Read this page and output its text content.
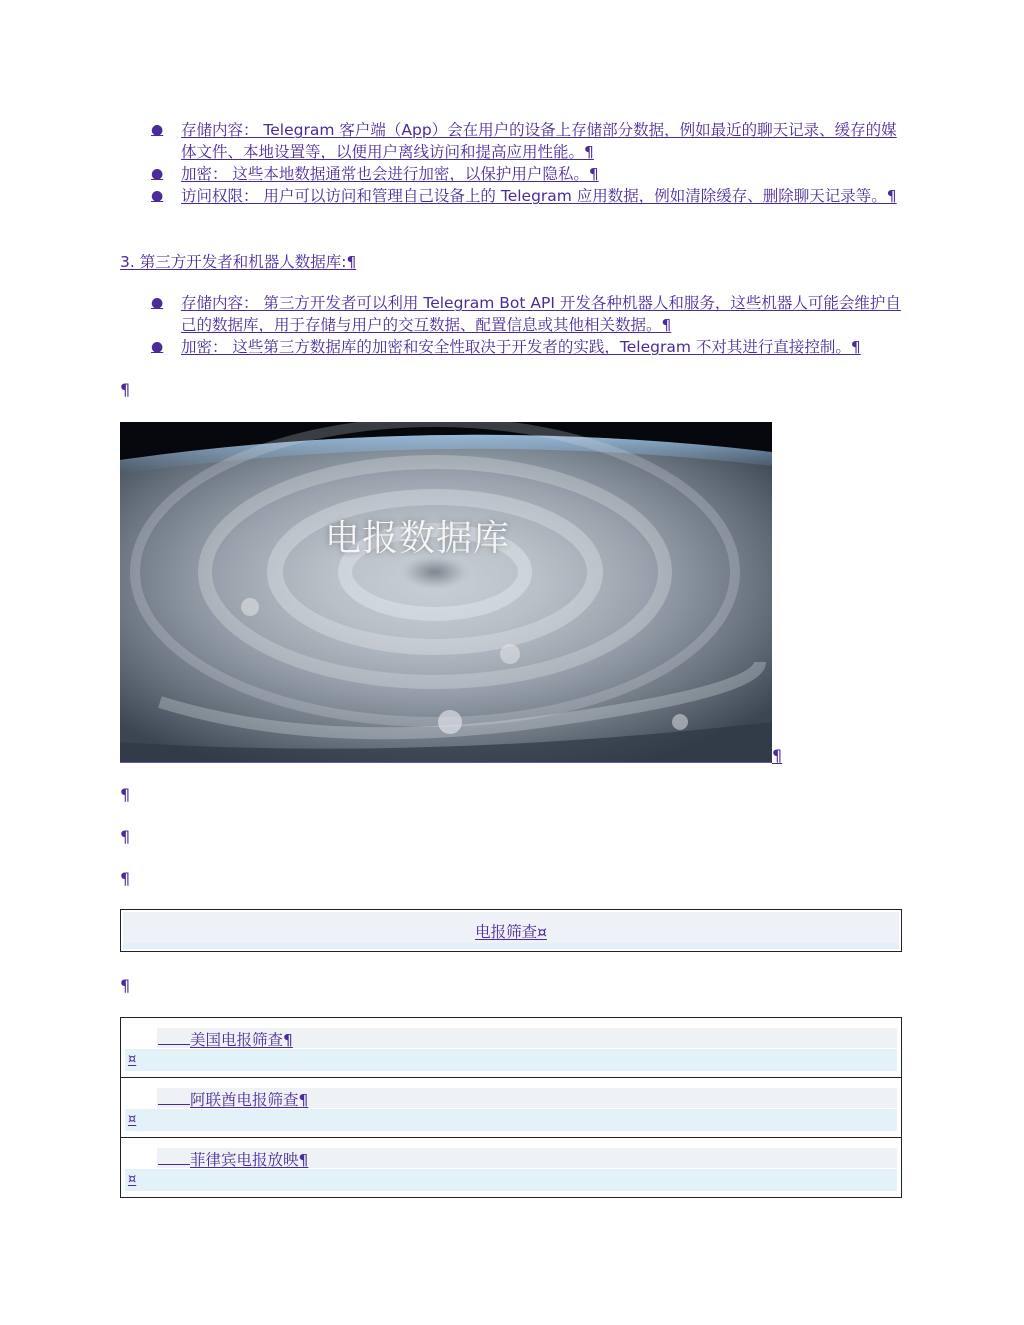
● 存储内容： Telegram 客户端（App）会在用户的设备上存储部分数据，例如最近的聊天记录、缓存的媒体文件、本地设置等，以便用户离线访问和提高应用性能。¶
● 加密： 这些本地数据通常也会进行加密，以保护用户隐私。¶
● 访问权限： 用户可以访问和管理自己设备上的 Telegram 应用数据，例如清除缓存、删除聊天记录等。¶
3. 第三方开发者和机器人数据库:¶
● 存储内容： 第三方开发者可以利用 Telegram Bot API 开发各种机器人和服务，这些机器人可能会维护自己的数据库，用于存储与用户的交互数据、配置信息或其他相关数据。¶
● 加密： 这些第三方数据库的加密和安全性取决于开发者的实践，Telegram 不对其进行直接控制。¶
¶
电报数据库
¶
¶
¶
¶
电报筛查¤
¶
美国电报筛查¶
¤
阿联酋电报筛查¶
¤
菲律宾电报放映¶
¤
